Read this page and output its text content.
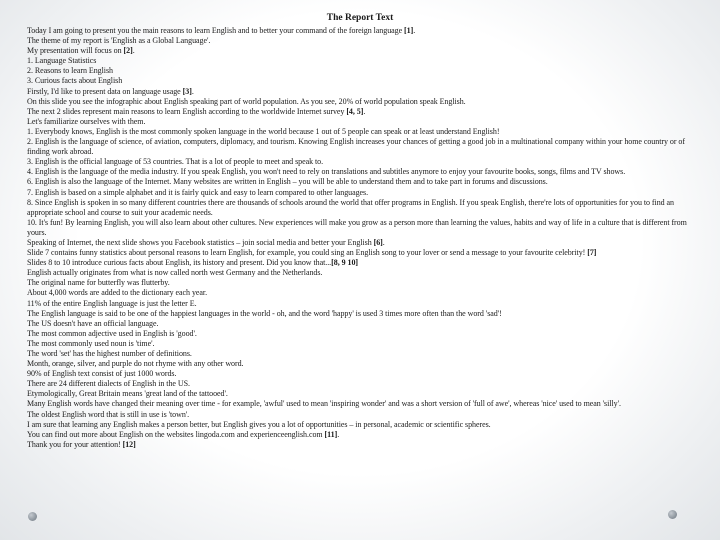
The Report Text

Today I am going to present you the main reasons to learn English and to better your command of the foreign language [1].

The theme of my report is 'English as a Global Language'.

My presentation will focus on [2].

1. Language Statistics

2. Reasons to learn English

3. Curious facts about English

Firstly, I'd like to present data on language usage [3].

On this slide you see the infographic about English speaking part of world population. As you see, 20% of world population speak English.

The next 2 slides represent main reasons to learn English according to the worldwide Internet survey [4, 5].

Let's familiarize ourselves with them.

1. Everybody knows, English is the most commonly spoken language in the world because 1 out of 5 people can speak or at least understand English!

2. English is the language of science, of aviation, computers, diplomacy, and tourism. Knowing English increases your chances of getting a good job in a multinational company within your home country or of finding work abroad.

3. English is the official language of 53 countries. That is a lot of people to meet and speak to.

4. English is the language of the media industry. If you speak English, you won't need to rely on translations and subtitles anymore to enjoy your favourite books, songs, films and TV shows.

6. English is also the language of the Internet. Many websites are written in English – you will be able to understand them and to take part in forums and discussions.

7. English is based on a simple alphabet and it is fairly quick and easy to learn compared to other languages.

8. Since English is spoken in so many different countries there are thousands of schools around the world that offer programs in English. If you speak English, there're lots of opportunities for you to find an appropriate school and course to suit your academic needs.

10. It's fun! By learning English, you will also learn about other cultures. New experiences will make you grow as a person more than learning the values, habits and way of life in a culture that is different from yours.

Speaking of Internet, the next slide shows you Facebook statistics – join social media and better your English [6].

Slide 7 contains funny statistics about personal reasons to learn English, for example, you could sing an English song to your lover or send a message to your favourite celebrity! [7]

Slides 8 to 10 introduce curious facts about English, its history and present. Did you know that...[8, 9 10]

English actually originates from what is now called north west Germany and the Netherlands.

The original name for butterfly was flutterby.

About 4,000 words are added to the dictionary each year.

11% of the entire English language is just the letter E.

The English language is said to be one of the happiest languages in the world - oh, and the word 'happy' is used 3 times more often than the word 'sad'!

The US doesn't have an official language.

The most common adjective used in English is 'good'.

The most commonly used noun is 'time'.

The word 'set' has the highest number of definitions.

Month, orange, silver, and purple do not rhyme with any other word.

90% of English text consist of just 1000 words.

There are 24 different dialects of English in the US.

Etymologically, Great Britain means 'great land of the tattooed'.

Many English words have changed their meaning over time - for example, 'awful' used to mean 'inspiring wonder' and was a short version of 'full of awe', whereas 'nice' used to mean 'silly'.

The oldest English word that is still in use is 'town'.

I am sure that learning any English makes a person better, but English gives you a lot of opportunities – in personal, academic or scientific spheres.

You can find out more about English on the websites lingoda.com and experienceenglish.com [11].

Thank you for your attention! [12]
